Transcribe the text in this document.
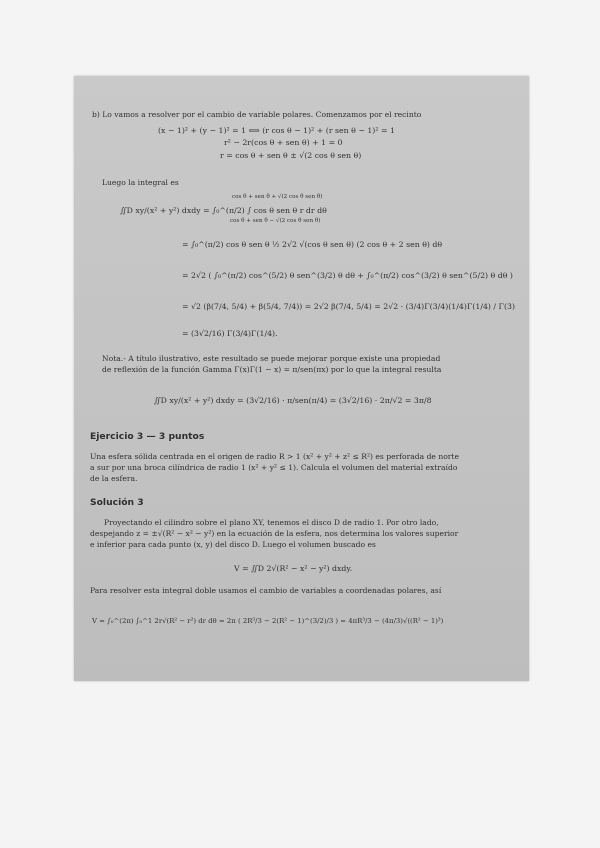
b) Lo vamos a resolver por el cambio de variable polares. Comenzamos por el recinto
(x − 1)² + (y − 1)² = 1 ⟺ (r cos θ − 1)² + (r sen θ − 1)² = 1
r² − 2r(cos θ + sen θ) + 1 = 0
r = cos θ + sen θ ± √(2 cos θ sen θ)
Luego la integral es
∬D xy/(x² + y²) dxdy = ∫₀^(π/2) ∫ cos θ sen θ r dr dθ
cos θ + sen θ + √(2 cos θ sen θ)
cos θ + sen θ − √(2 cos θ sen θ)
= ∫₀^(π/2) cos θ sen θ ½ 2√2 √(cos θ sen θ) (2 cos θ + 2 sen θ) dθ
= 2√2 ( ∫₀^(π/2) cos^(5/2) θ sen^(3/2) θ dθ + ∫₀^(π/2) cos^(3/2) θ sen^(5/2) θ dθ )
= √2 (β(7/4, 5/4) + β(5/4, 7/4)) = 2√2 β(7/4, 5/4) = 2√2 · (3/4)Γ(3/4)(1/4)Γ(1/4) / Γ(3)
= (3√2/16) Γ(3/4)Γ(1/4).
Nota.- A título ilustrativo, este resultado se puede mejorar porque existe una propiedad
de reflexión de la función Gamma Γ(x)Γ(1 − x) = π/sen(πx) por lo que la integral resulta
∬D xy/(x² + y²) dxdy = (3√2/16) · π/sen(π/4) = (3√2/16) · 2π/√2 = 3π/8
Ejercicio 3 — 3 puntos
Una esfera sólida centrada en el origen de radio R > 1 (x² + y² + z² ≤ R²) es perforada de norte
a sur por una broca cilíndrica de radio 1 (x² + y² ≤ 1). Calcula el volumen del material extraído
de la esfera.
Solución 3
Proyectando el cilindro sobre el plano XY, tenemos el disco D de radio 1. Por otro lado,
despejando z = ±√(R² − x² − y²) en la ecuación de la esfera, nos determina los valores superior
e inferior para cada punto (x, y) del disco D. Luego el volumen buscado es
V = ∬D 2√(R² − x² − y²) dxdy.
Para resolver esta integral doble usamos el cambio de variables a coordenadas polares, así
V = ∫₀^(2π) ∫₀^1 2r√(R² − r²) dr dθ = 2π ( 2R³/3 − 2(R² − 1)^(3/2)/3 ) = 4πR³/3 − (4π/3)√((R² − 1)³)
